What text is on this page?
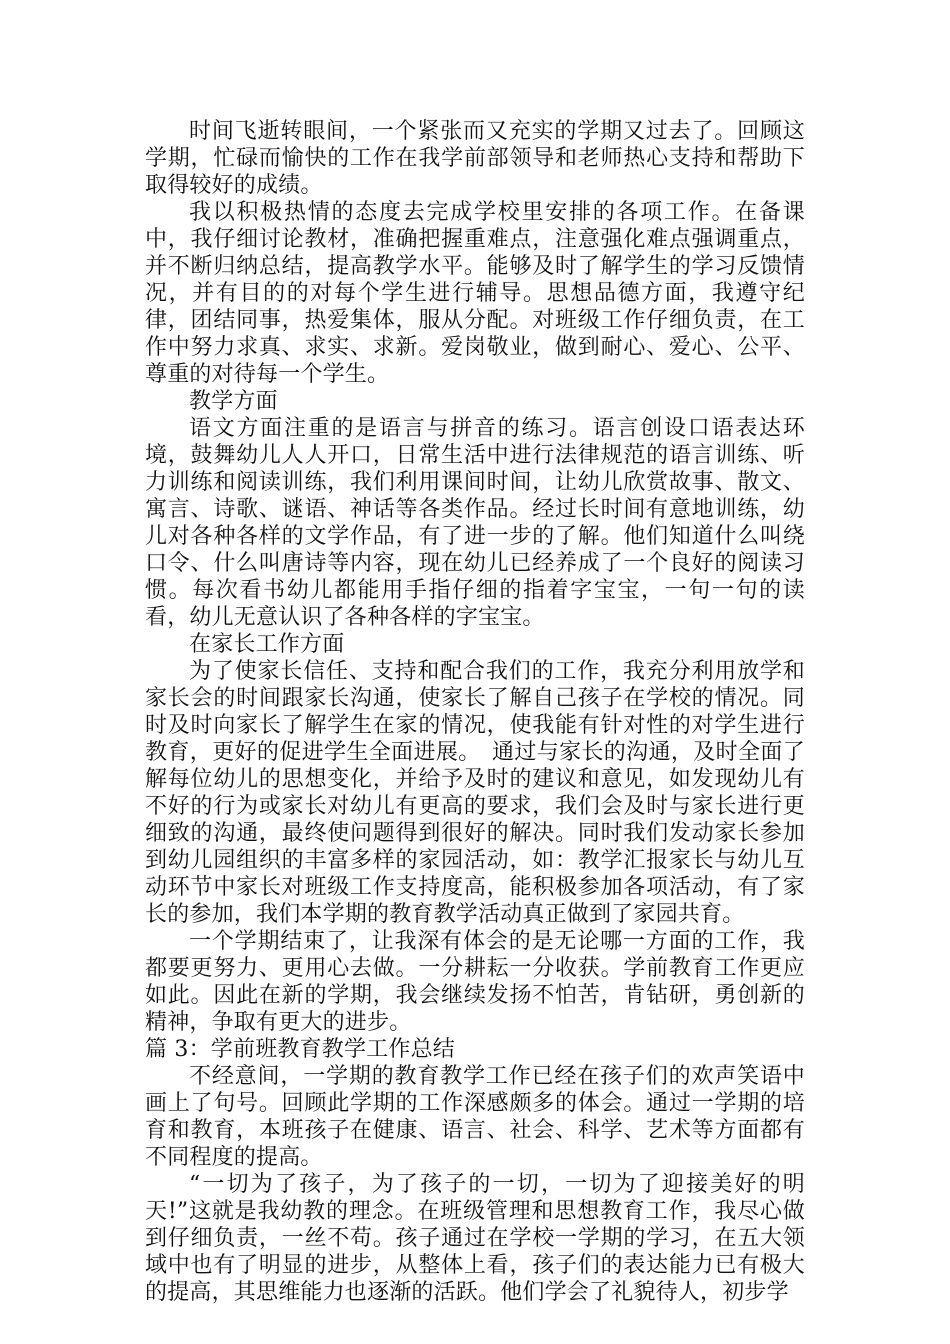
时间飞逝转眼间，一个紧张而又充实的学期又过去了。回顾这学期，忙碌而愉快的工作在我学前部领导和老师热心支持和帮助下取得较好的成绩。

我以积极热情的态度去完成学校里安排的各项工作。在备课中，我仔细讨论教材，准确把握重难点，注意强化难点强调重点，并不断归纳总结，提高教学水平。能够及时了解学生的学习反馈情况，并有目的的对每个学生进行辅导。思想品德方面，我遵守纪律，团结同事，热爱集体，服从分配。对班级工作仔细负责，在工作中努力求真、求实、求新。爱岗敬业，做到耐心、爱心、公平、尊重的对待每一个学生。

教学方面

语文方面注重的是语言与拼音的练习。语言创设口语表达环境，鼓舞幼儿人人开口，日常生活中进行法律规范的语言训练、听力训练和阅读训练，我们利用课间时间，让幼儿欣赏故事、散文、寓言、诗歌、谜语、神话等各类作品。经过长时间有意地训练，幼儿对各种各样的文学作品，有了进一步的了解。他们知道什么叫绕口令、什么叫唐诗等内容，现在幼儿已经养成了一个良好的阅读习惯。每次看书幼儿都能用手指仔细的指着字宝宝，一句一句的读看，幼儿无意认识了各种各样的字宝宝。

在家长工作方面

为了使家长信任、支持和配合我们的工作，我充分利用放学和家长会的时间跟家长沟通，使家长了解自己孩子在学校的情况。同时及时向家长了解学生在家的情况，使我能有针对性的对学生进行教育，更好的促进学生全面进展。　通过与家长的沟通，及时全面了解每位幼儿的思想变化，并给予及时的建议和意见，如发现幼儿有不好的行为或家长对幼儿有更高的要求，我们会及时与家长进行更细致的沟通，最终使问题得到很好的解决。同时我们发动家长参加到幼儿园组织的丰富多样的家园活动，如：教学汇报家长与幼儿互动环节中家长对班级工作支持度高，能积极参加各项活动，有了家长的参加，我们本学期的教育教学活动真正做到了家园共育。

一个学期结束了，让我深有体会的是无论哪一方面的工作，我都要更努力、更用心去做。一分耕耘一分收获。学前教育工作更应如此。因此在新的学期，我会继续发扬不怕苦，肯钻研，勇创新的精神，争取有更大的进步。

篇 3：学前班教育教学工作总结

不经意间，一学期的教育教学工作已经在孩子们的欢声笑语中画上了句号。回顾此学期的工作深感颇多的体会。通过一学期的培育和教育，本班孩子在健康、语言、社会、科学、艺术等方面都有不同程度的提高。

“一切为了孩子，为了孩子的一切，一切为了迎接美好的明天!”这就是我幼教的理念。在班级管理和思想教育工作，我尽心做到仔细负责，一丝不苟。孩子通过在学校一学期的学习，在五大领域中也有了明显的进步，从整体上看，孩子们的表达能力已有极大的提高，其思维能力也逐渐的活跃。他们学会了礼貌待人，初步学
